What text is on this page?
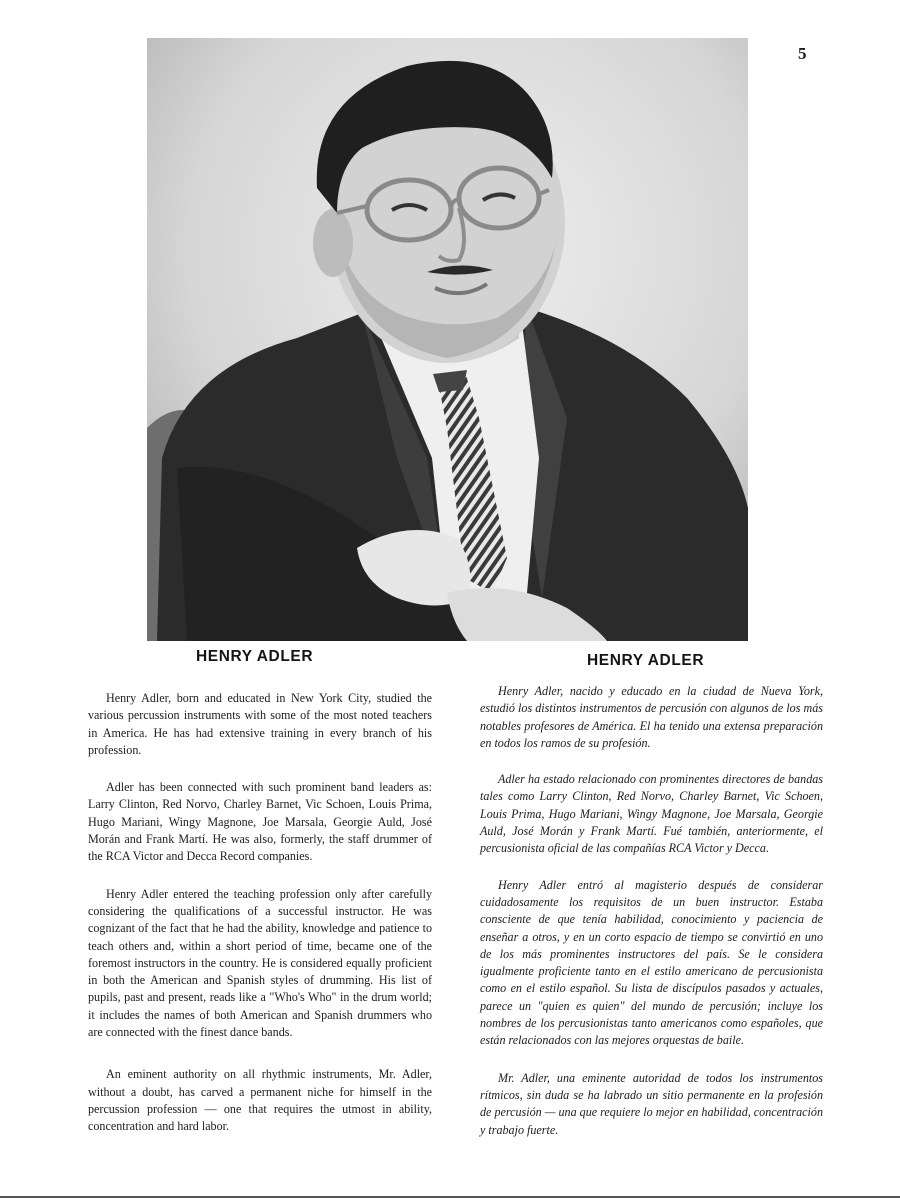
5
HENRY ADLER	HENRY ADLER

Henry Adler, born and educated in New York City, studied the various percussion instruments with some of the most noted teachers in America. He has had extensive training in every branch of his profession.

Adler has been connected with such prominent band leaders as: Larry Clinton, Red Norvo, Charley Barnet, Vic Schoen, Louis Prima, Hugo Mariani, Wingy Magnone, Joe Marsala, Georgie Auld, José Morán and Frank Martí. He was also, formerly, the staff drummer of the RCA Victor and Decca Record companies.

Henry Adler entered the teaching profession only after carefully considering the qualifications of a successful instructor. He was cognizant of the fact that he had the ability, knowledge and patience to teach others and, within a short period of time, became one of the foremost instructors in the country. He is considered equally proficient in both the American and Spanish styles of drumming. His list of pupils, past and present, reads like a "Who's Who" in the drum world; it includes the names of both American and Spanish drummers who are connected with the finest dance bands.

An eminent authority on all rhythmic instruments, Mr. Adler, without a doubt, has carved a permanent niche for himself in the percussion profession — one that requires the utmost in ability, concentration and hard labor.

Henry Adler, nacido y educado en la ciudad de Nueva York, estudió los distintos instrumentos de percusión con algunos de los más notables profesores de América. El ha tenido una extensa preparación en todos los ramos de su profesión.

Adler ha estado relacionado con prominentes directores de bandas tales como Larry Clinton, Red Norvo, Charley Barnet, Vic Schoen, Louis Prima, Hugo Mariani, Wingy Magnone, Joe Marsala, Georgie Auld, José Morán y Frank Martí. Fué también, anteriormente, el percusionista oficial de las compañías RCA Victor y Decca.

Henry Adler entró al magisterio después de considerar cuidadosamente los requisitos de un buen instructor. Estaba consciente de que tenía habilidad, conocimiento y paciencia de enseñar a otros, y en un corto espacio de tiempo se convirtió en uno de los más prominentes instructores del país. Se le considera igualmente proficiente tanto en el estilo americano de percusionista como en el estilo español. Su lista de discípulos pasados y actuales, parece un "quien es quien" del mundo de percusión; incluye los nombres de los percusionistas tanto americanos como españoles, que están relacionados con las mejores orquestas de baile.

Mr. Adler, una eminente autoridad de todos los instrumentos rítmicos, sin duda se ha labrado un sitio permanente en la profesión de percusión — una que requiere lo mejor en habilidad, concentración y trabajo fuerte.
